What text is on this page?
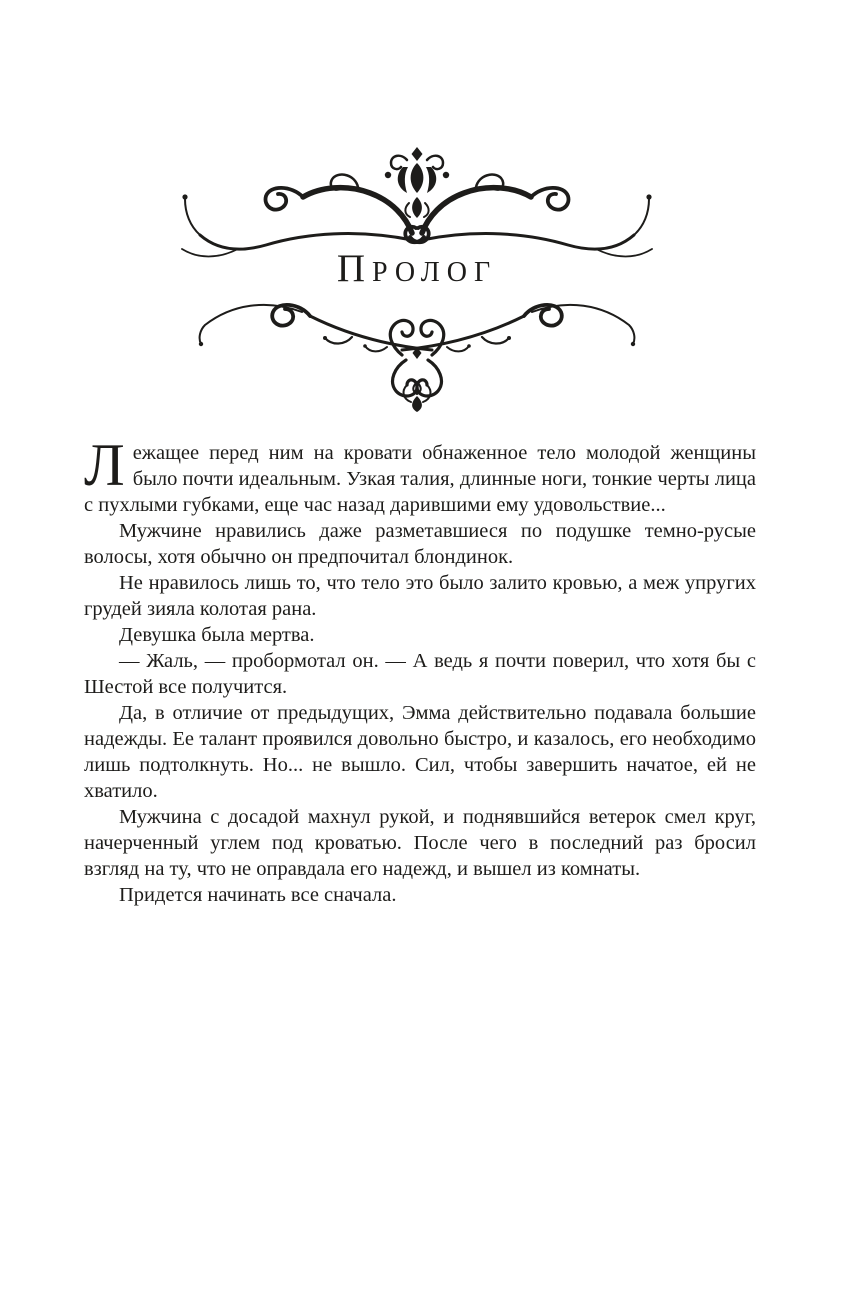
ПРОЛОГ

Лежащее перед ним на кровати обнаженное тело молодой женщины было почти идеальным. Узкая талия, длинные ноги, тонкие черты лица с пухлыми губками, еще час назад дарившими ему удовольствие...

Мужчине нравились даже разметавшиеся по подушке темно-русые волосы, хотя обычно он предпочитал блондинок.

Не нравилось лишь то, что тело это было залито кровью, а меж упругих грудей зияла колотая рана.

Девушка была мертва.

— Жаль, — пробормотал он. — А ведь я почти поверил, что хотя бы с Шестой все получится.

Да, в отличие от предыдущих, Эмма действительно подавала большие надежды. Ее талант проявился довольно быстро, и казалось, его необходимо лишь подтолкнуть. Но... не вышло. Сил, чтобы завершить начатое, ей не хватило.

Мужчина с досадой махнул рукой, и поднявшийся ветерок смел круг, начерченный углем под кроватью. После чего в последний раз бросил взгляд на ту, что не оправдала его надежд, и вышел из комнаты.

Придется начинать все сначала.
